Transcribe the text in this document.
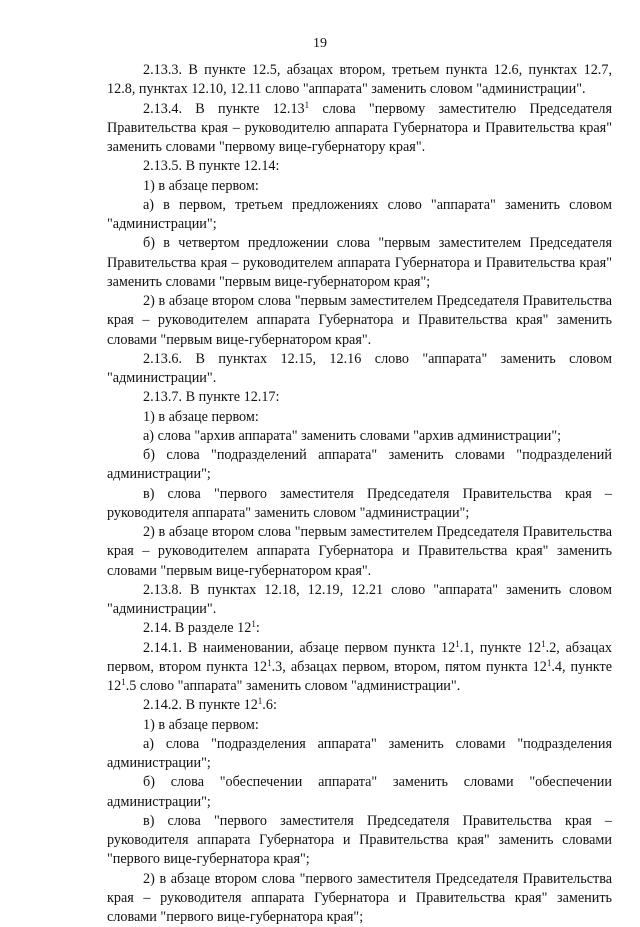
19

2.13.3. В пункте 12.5, абзацах втором, третьем пункта 12.6, пунктах 12.7, 12.8, пунктах 12.10, 12.11 слово "аппарата" заменить словом "администрации".

2.13.4. В пункте 12.13$^1$ слова "первому заместителю Председателя Правительства края – руководителю аппарата Губернатора и Правительства края" заменить словами "первому вице-губернатору края".

2.13.5. В пункте 12.14:

1) в абзаце первом:

а) в первом, третьем предложениях слово "аппарата" заменить словом "администрации";

б) в четвертом предложении слова "первым заместителем Председателя Правительства края – руководителем аппарата Губернатора и Правительства края" заменить словами "первым вице-губернатором края";

2) в абзаце втором слова "первым заместителем Председателя Правительства края – руководителем аппарата Губернатора и Правительства края" заменить словами "первым вице-губернатором края".

2.13.6. В пунктах 12.15, 12.16 слово "аппарата" заменить словом "администрации".

2.13.7. В пункте 12.17:

1) в абзаце первом:

а) слова "архив аппарата" заменить словами "архив администрации";

б) слова "подразделений аппарата" заменить словами "подразделений администрации";

в) слова "первого заместителя Председателя Правительства края – руководителя аппарата" заменить словом "администрации";

2) в абзаце втором слова "первым заместителем Председателя Правительства края – руководителем аппарата Губернатора и Правительства края" заменить словами "первым вице-губернатором края".

2.13.8. В пунктах 12.18, 12.19, 12.21 слово "аппарата" заменить словом "администрации".

2.14. В разделе $12^1$:

2.14.1. В наименовании, абзаце первом пункта $12^1.1$, пункте $12^1.2$, абзацах первом, втором пункта $12^1.3$, абзацах первом, втором, пятом пункта $12^1.4$, пункте $12^1.5$ слово "аппарата" заменить словом "администрации".

2.14.2. В пункте $12^1.6$:

1) в абзаце первом:

а) слова "подразделения аппарата" заменить словами "подразделения администрации";

б) слова "обеспечении аппарата" заменить словами "обеспечении администрации";

в) слова "первого заместителя Председателя Правительства края – руководителя аппарата Губернатора и Правительства края" заменить словами "первого вице-губернатора края";

2) в абзаце втором слова "первого заместителя Председателя Правительства края – руководителя аппарата Губернатора и Правительства края" заменить словами "первого вице-губернатора края";
